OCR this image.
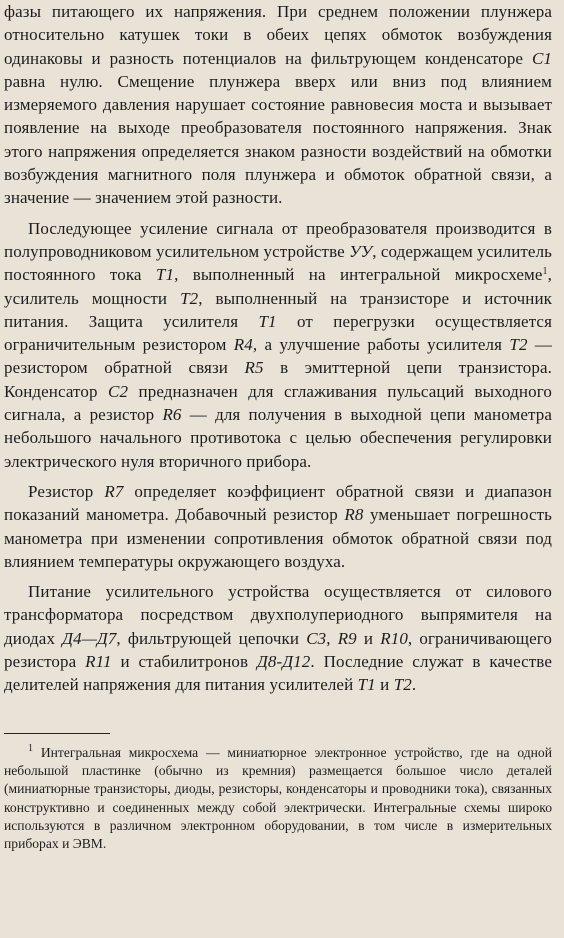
фазы питающего их напряжения. При среднем положении плунжера относительно катушек токи в обеих цепях обмоток возбуждения одинаковы и разность потенциалов на фильтрующем конденсаторе C1 равна нулю. Смещение плунжера вверх или вниз под влиянием измеряемого давления нарушает состояние равновесия моста и вызывает появление на выходе преобразователя постоянного напряжения. Знак этого напряжения определяется знаком разности воздействий на обмотки возбуждения магнитного поля плунжера и обмоток обратной связи, а значение — значением этой разности.

Последующее усиление сигнала от преобразователя производится в полупроводниковом усилительном устройстве УУ, содержащем усилитель постоянного тока T1, выполненный на интегральной микросхеме$^1$, усилитель мощности T2, выполненный на транзисторе и источник питания. Защита усилителя T1 от перегрузки осуществляется ограничительным резистором R4, а улучшение работы усилителя T2 — резистором обратной связи R5 в эмиттерной цепи транзистора. Конденсатор C2 предназначен для сглаживания пульсаций выходного сигнала, а резистор R6 — для получения в выходной цепи манометра небольшого начального противотока с целью обеспечения регулировки электрического нуля вторичного прибора.

Резистор R7 определяет коэффициент обратной связи и диапазон показаний манометра. Добавочный резистор R8 уменьшает погрешность манометра при изменении сопротивления обмоток обратной связи под влиянием температуры окружающего воздуха.

Питание усилительного устройства осуществляется от силового трансформатора посредством двухполупериодного выпрямителя на диодах Д4—Д7, фильтрующей цепочки C3, R9 и R10, ограничивающего резистора R11 и стабилитронов Д8-Д12. Последние служат в качестве делителей напряжения для питания усилителей T1 и T2.

$^1$ Интегральная микросхема — миниатюрное электронное устройство, где на одной небольшой пластинке (обычно из кремния) размещается большое число деталей (миниатюрные транзисторы, диоды, резисторы, конденсаторы и проводники тока), связанных конструктивно и соединенных между собой электрически. Интегральные схемы широко используются в различном электронном оборудовании, в том числе в измерительных приборах и ЭВМ.
